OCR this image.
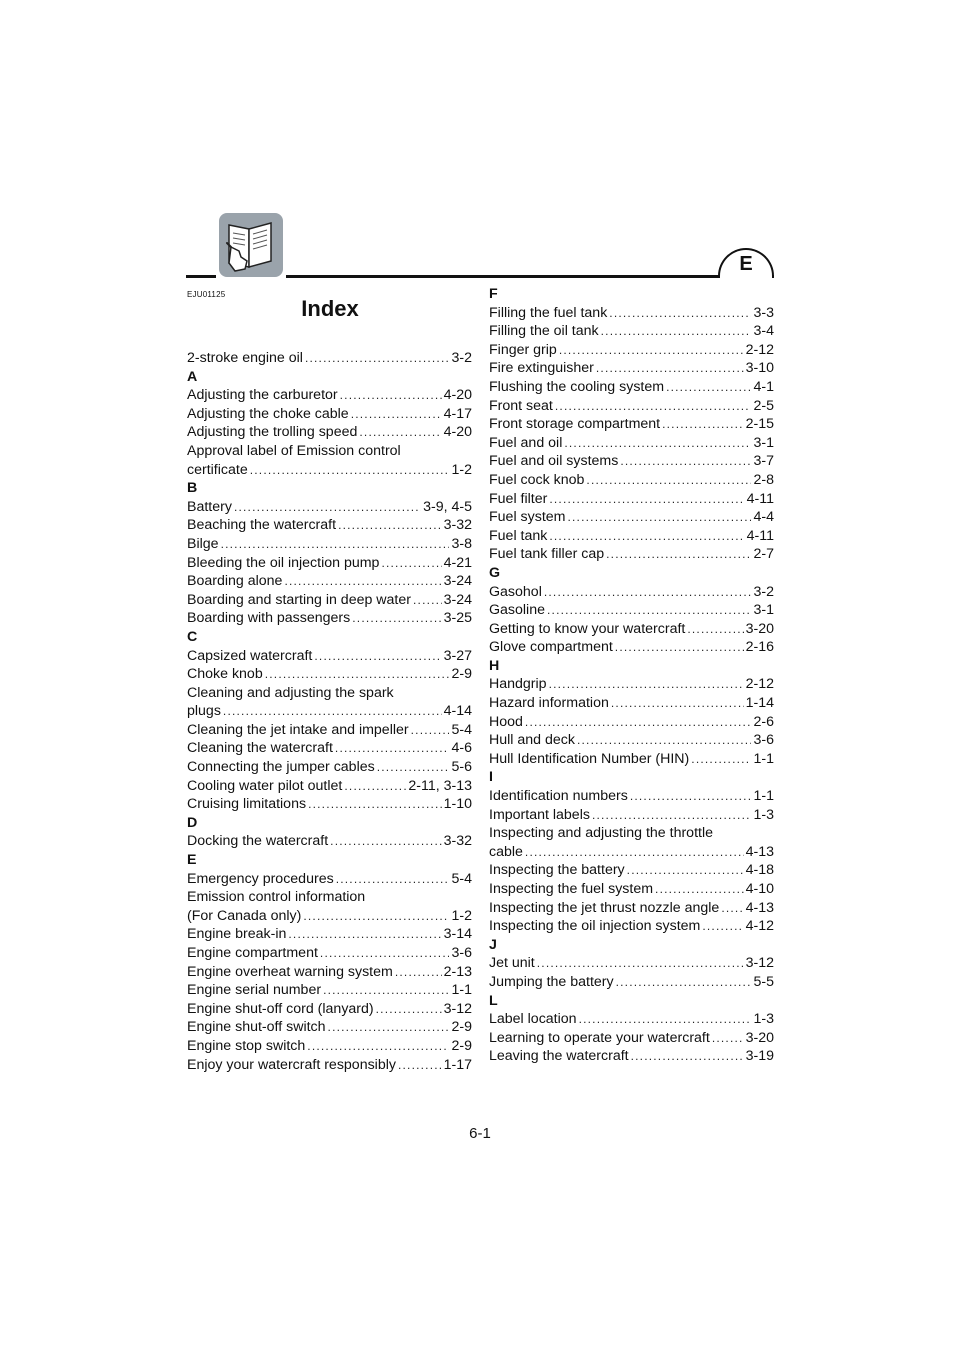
E
EJU01125
Index
2-stroke engine oil .....	3-2
A
Adjusting the carburetor .....	4-20
Adjusting the choke cable .....	4-17
Adjusting the trolling speed .....	4-20
Approval label of Emission control
certificate .....	1-2
B
Battery .....	3-9, 4-5
Beaching the watercraft .....	3-32
Bilge .....	3-8
Bleeding the oil injection pump .....	4-21
Boarding alone .....	3-24
Boarding and starting in deep water ..... 3-24
Boarding with passengers .....	3-25
C
Capsized watercraft .....	3-27
Choke knob .....	2-9
Cleaning and adjusting the spark
plugs .....	4-14
Cleaning the jet intake and impeller .....	5-4
Cleaning the watercraft .....	4-6
Connecting the jumper cables .....	5-6
Cooling water pilot outlet .....	2-11, 3-13
Cruising limitations .....	1-10
D
Docking the watercraft .....	3-32
E
Emergency procedures .....	5-4
Emission control information
(For Canada only) .....	1-2
Engine break-in .....	3-14
Engine compartment .....	3-6
Engine overheat warning system .....	2-13
Engine serial number .....	1-1
Engine shut-off cord (lanyard) .....	3-12
Engine shut-off switch .....	2-9
Engine stop switch .....	2-9
Enjoy your watercraft responsibly .....	1-17
F
Filling the fuel tank .....	3-3
Filling the oil tank .....	3-4
Finger grip .....	2-12
Fire extinguisher .....	3-10
Flushing the cooling system .....	4-1
Front seat .....	2-5
Front storage compartment .....	2-15
Fuel and oil .....	3-1
Fuel and oil systems .....	3-7
Fuel cock knob .....	2-8
Fuel filter .....	4-11
Fuel system .....	4-4
Fuel tank .....	4-11
Fuel tank filler cap .....	2-7
G
Gasohol .....	3-2
Gasoline .....	3-1
Getting to know your watercraft .....	3-20
Glove compartment .....	2-16
H
Handgrip .....	2-12
Hazard information .....	1-14
Hood .....	2-6
Hull and deck .....	3-6
Hull Identification Number (HIN) .....	1-1
I
Identification numbers .....	1-1
Important labels .....	1-3
Inspecting and adjusting the throttle
cable .....	4-13
Inspecting the battery .....	4-18
Inspecting the fuel system .....	4-10
Inspecting the jet thrust nozzle angle ..... 4-13
Inspecting the oil injection system .....	4-12
J
Jet unit .....	3-12
Jumping the battery .....	5-5
L
Label location .....	1-3
Learning to operate your watercraft .....	3-20
Leaving the watercraft .....	3-19
6-1
